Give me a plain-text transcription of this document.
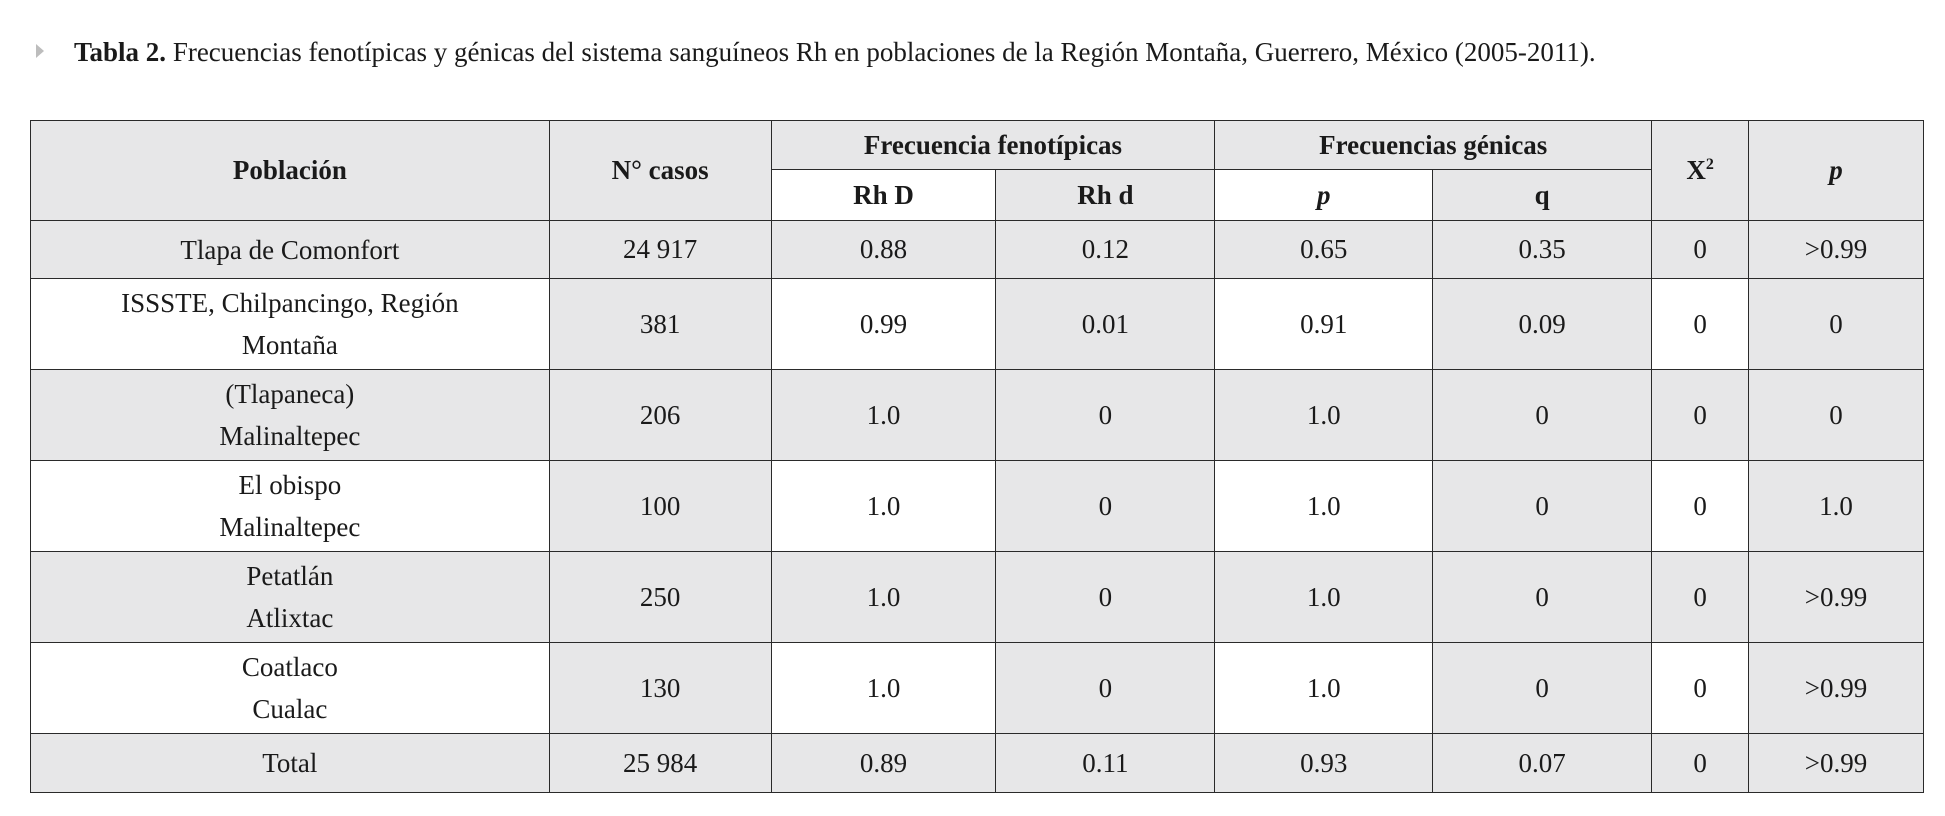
Tabla 2. Frecuencias fenotípicas y génicas del sistema sanguíneos Rh en poblaciones de la Región Montaña, Guerrero, México (2005-2011).
Población	N° casos	Frecuencia fenotípicas		Frecuencias génicas		$X^2$	p
		Rh D	Rh d	p	q		

Tlapa de Comonfort	24 917	0.88	0.12	0.65	0.35	0	>0.99

ISSSTE, Chilpancingo, Región
Montaña	381	0.99	0.01	0.91	0.09	0	0

(Tlapaneca)
Malinaltepec	206	1.0	0	1.0	0	0	0

El obispo
Malinaltepec	100	1.0	0	1.0	0	0	1.0

Petatlán
Atlixtac	250	1.0	0	1.0	0	0	>0.99

Coatlaco
Cualac	130	1.0	0	1.0	0	0	>0.99

Total	25 984	0.89	0.11	0.93	0.07	0	>0.99
